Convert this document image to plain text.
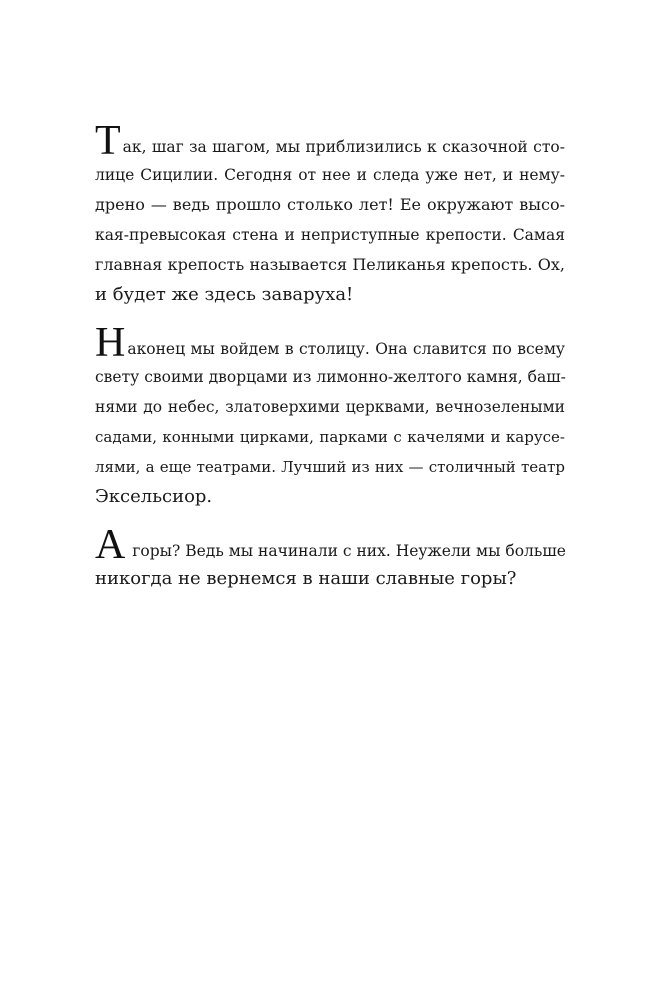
Так, шаг за шагом, мы приблизились к сказочной сто-
лице Сицилии. Сегодня от нее и следа уже нет, и нему-
дрено — ведь прошло столько лет! Ее окружают высо-
кая-превысокая стена и неприступные крепости. Самая
главная крепость называется Пеликанья крепость. Ох,
и будет же здесь заваруха!

Наконец мы войдем в столицу. Она славится по всему
свету своими дворцами из лимонно-желтого камня, баш-
нями до небес, златоверхими церквами, вечнозелеными
садами, конными цирками, парками с качелями и карусе-
лями, а еще театрами. Лучший из них — столичный театр
Эксельсиор.

А горы? Ведь мы начинали с них. Неужели мы больше
никогда не вернемся в наши славные горы?
